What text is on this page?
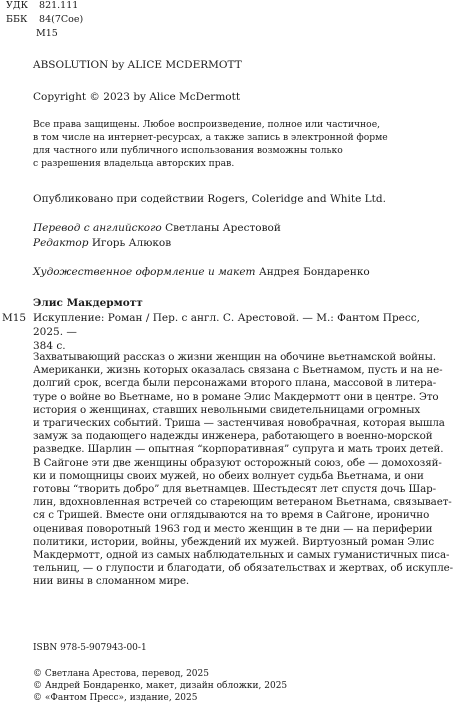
УДК 821.111
ББК 84(7Сое)
М15
ABSOLUTION by ALICE MCDERMOTT
Copyright © 2023 by Alice McDermott
Все права защищены. Любое воспроизведение, полное или частичное,
в том числе на интернет-ресурсах, а также запись в электронной форме
для частного или публичного использования возможны только
с разрешения владельца авторских прав.
Опубликовано при содействии Rogers, Coleridge and White Ltd.
Перевод с английского Светланы Арестовой
Редактор Игорь Алюков
Художественное оформление и макет Андрея Бондаренко
Элис Макдермотт
М15 Искупление: Роман / Пер. с англ. С. Арестовой. — М.: Фантом Пресс, 2025. —
384 с.
Захватывающий рассказ о жизни женщин на обочине вьетнамской войны.
Американки, жизнь которых оказалась связана с Вьетнамом, пусть и на не-
долгий срок, всегда были персонажами второго плана, массовой в литера-
туре о войне во Вьетнаме, но в романе Элис Макдермотт они в центре. Это
история о женщинах, ставших невольными свидетельницами огромных
и трагических событий. Триша — застенчивая новобрачная, которая вышла
замуж за подающего надежды инженера, работающего в военно-морской
разведке. Шарлин — опытная “корпоративная” супруга и мать троих детей.
В Сайгоне эти две женщины образуют осторожный союз, обе — домохозяй-
ки и помощницы своих мужей, но обеих волнует судьба Вьетнама, и они
готовы “творить добро” для вьетнамцев. Шестьдесят лет спустя дочь Шар-
лин, вдохновленная встречей со стареющим ветераном Вьетнама, связывает-
ся с Тришей. Вместе они оглядываются на то время в Сайгоне, иронично
оценивая поворотный 1963 год и место женщин в те дни — на периферии
политики, истории, войны, убеждений их мужей. Виртуозный роман Элис
Макдермотт, одной из самых наблюдательных и самых гуманистичных писа-
тельниц, — о глупости и благодати, об обязательствах и жертвах, об искупле-
нии вины в сломанном мире.
ISBN 978-5-907943-00-1
© Светлана Арестова, перевод, 2025
© Андрей Бондаренко, макет, дизайн обложки, 2025
© «Фантом Пресс», издание, 2025
